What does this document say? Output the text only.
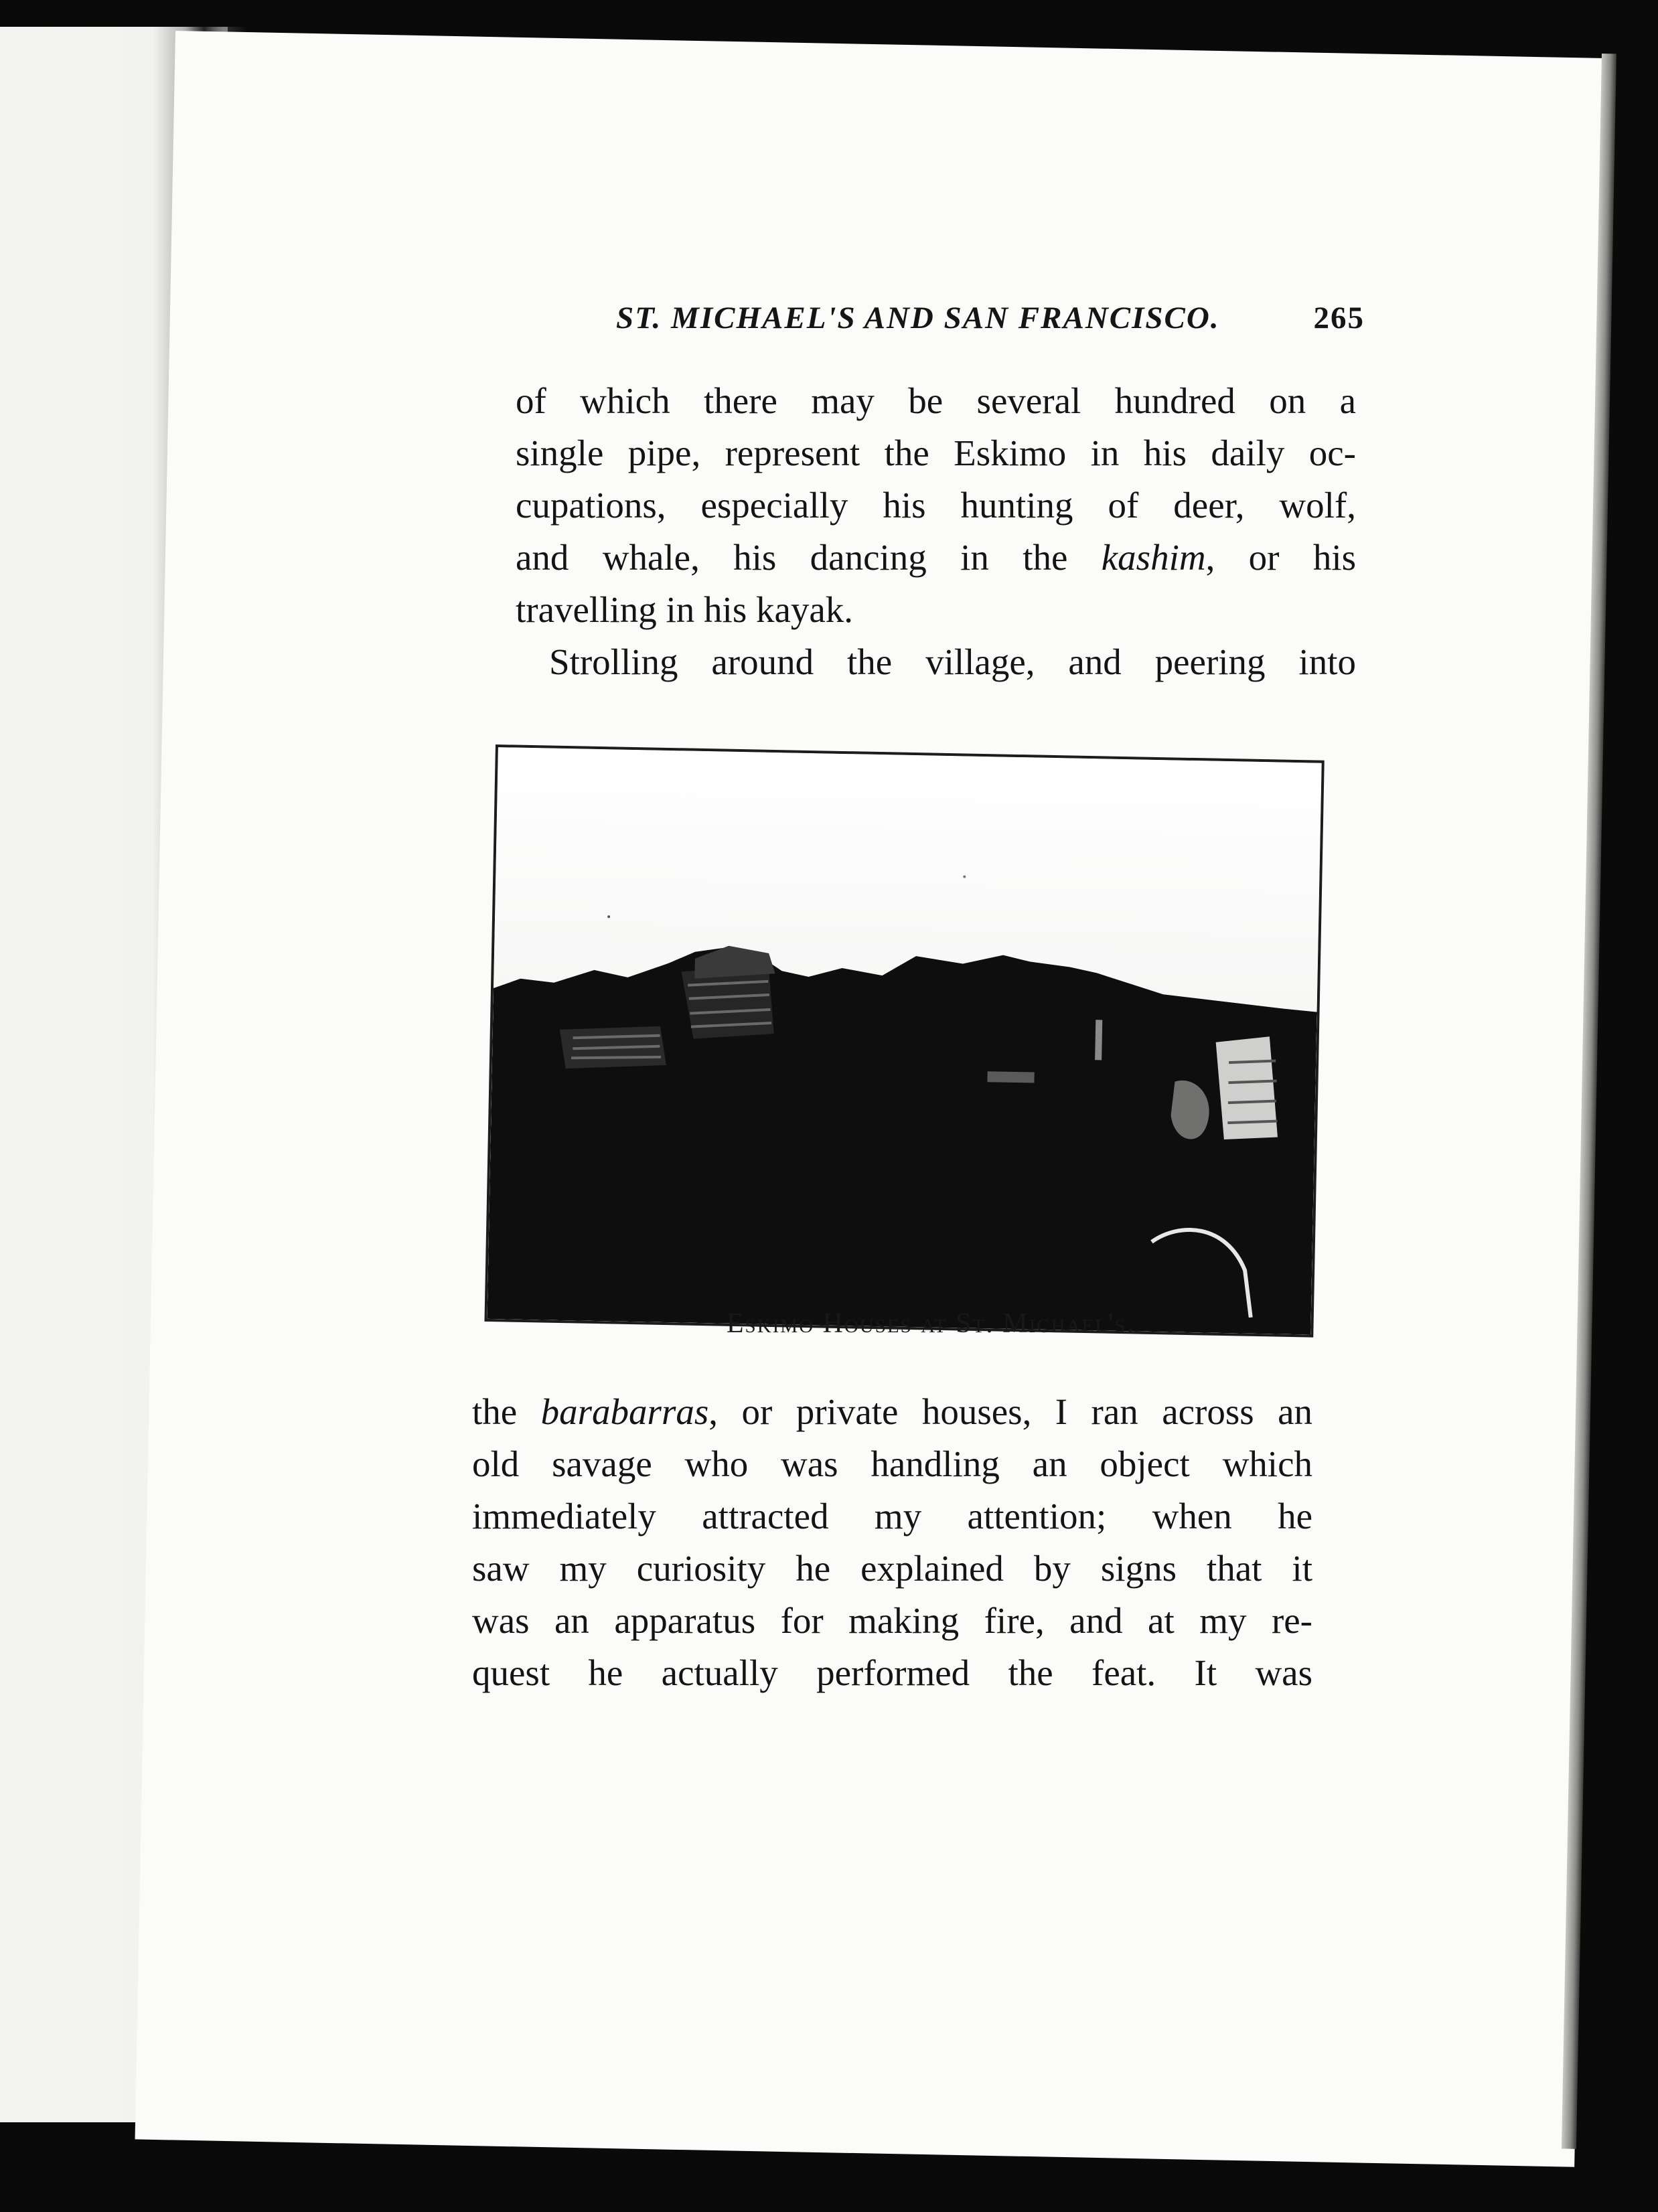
ST. MICHAEL'S AND SAN FRANCISCO.	265
of which there may be several hundred on a
single pipe, represent the Eskimo in his daily oc-
cupations, especially his hunting of deer, wolf,
and whale, his dancing in the kashim, or his
travelling in his kayak.
Strolling around the village, and peering into
Eskimo Houses at St. Michael's.
the barabarras, or private houses, I ran across an
old savage who was handling an object which
immediately attracted my attention; when he
saw my curiosity he explained by signs that it
was an apparatus for making fire, and at my re-
quest he actually performed the feat. It was
